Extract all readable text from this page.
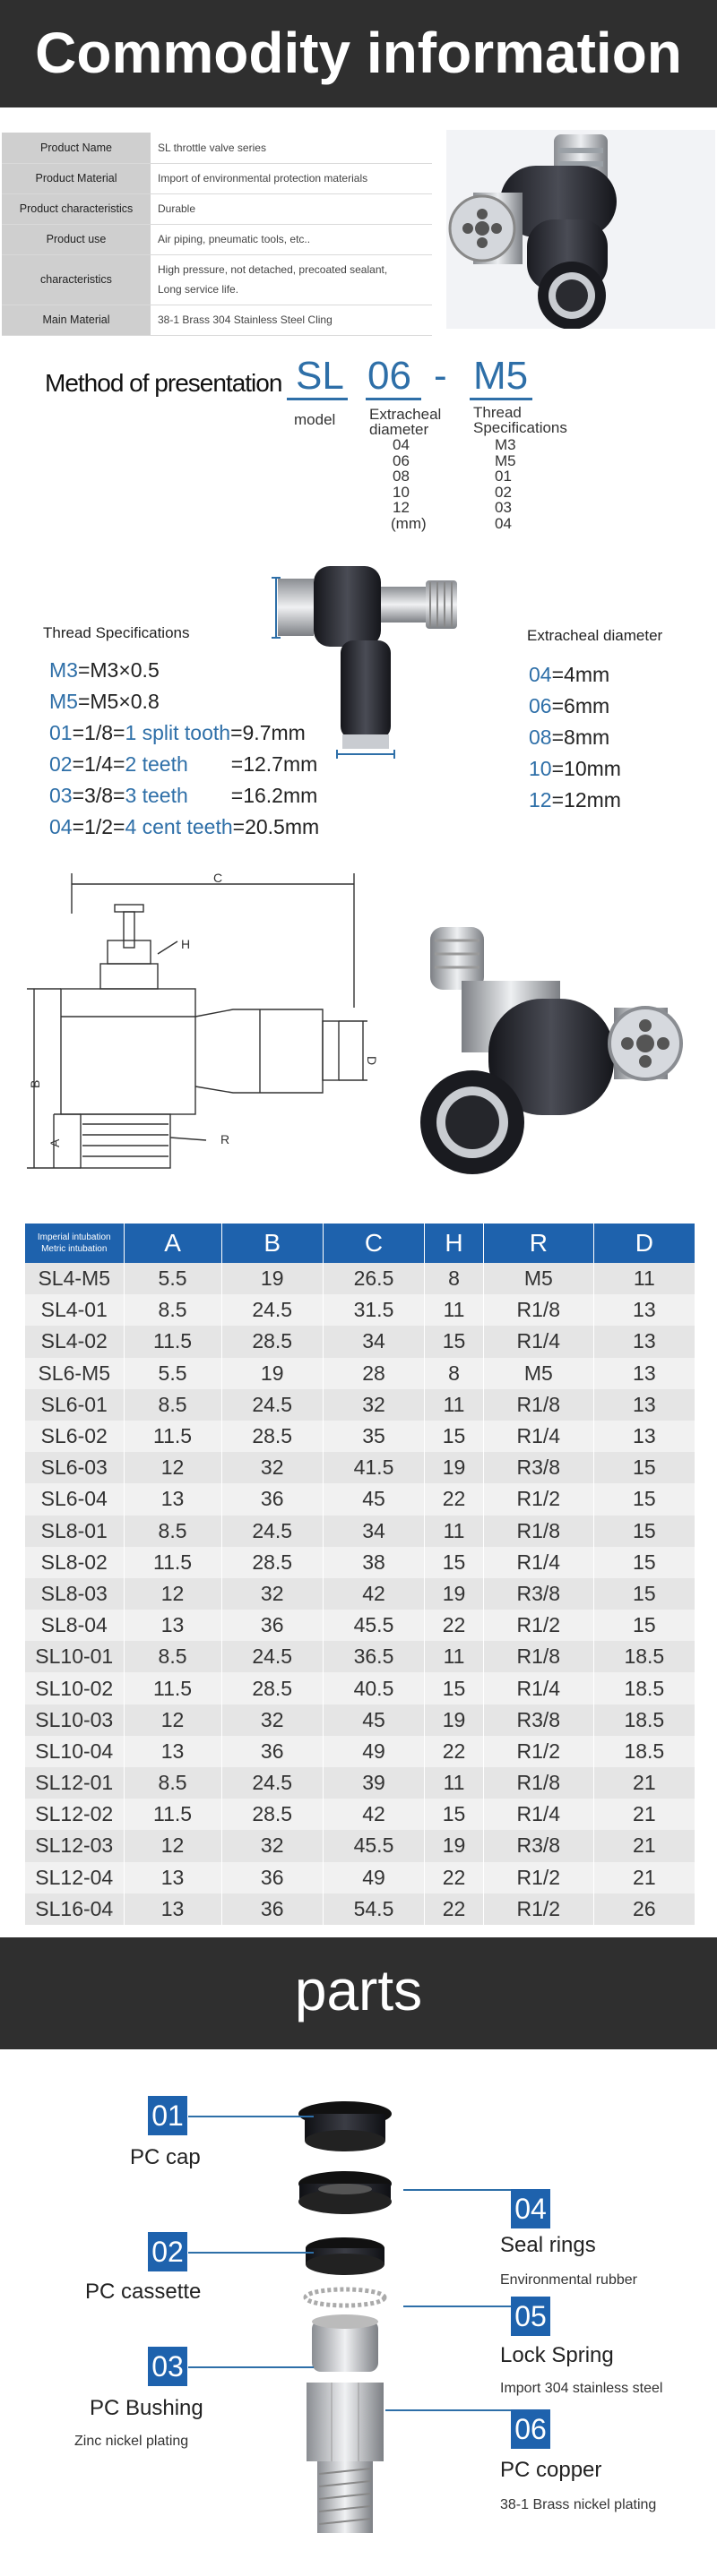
Commodity information
Product Name	SL throttle valve series
Product Material	Import of environmental protection materials
Product characteristics	Durable
Product use	Air piping, pneumatic tools, etc..
characteristics	High pressure, not detached, precoated sealant,
Long service life.

Main Material	38-1 Brass 304 Stainless Steel Cling
Method of presentation SL 06 - M5
model Extracheal diameter
04
06
08
10
12
(mm)
Thread Specifications
M3
M5
01
02
03
04
Thread Specifications
M3=M3×0.5
M5=M5×0.8
01=1/8=1 split tooth=9.7mm
02=1/4=2 teeth =12.7mm
03=3/8=3 teeth =16.2mm
04=1/2=4 cent teeth=20.5mm
Extracheal diameter
04=4mm
06=6mm
08=8mm
10=10mm
12=12mm
C
H
B
D
A	R
Imperial intubation
Metric intubation	A	B	C	H	R	D
SL4-M5	5.5	19	26.5	8	M5	11
SL4-01	8.5	24.5	31.5	11	R1/8	13
SL4-02	11.5	28.5	34	15	R1/4	13
SL6-M5	5.5	19	28	8	M5	13
SL6-01	8.5	24.5	32	11	R1/8	13
SL6-02	11.5	28.5	35	15	R1/4	13
SL6-03	12	32	41.5	19	R3/8	15
SL6-04	13	36	45	22	R1/2	15
SL8-01	8.5	24.5	34	11	R1/8	15
SL8-02	11.5	28.5	38	15	R1/4	15
SL8-03	12	32	42	19	R3/8	15
SL8-04	13	36	45.5	22	R1/2	15
SL10-01	8.5	24.5	36.5	11	R1/8	18.5
SL10-02	11.5	28.5	40.5	15	R1/4	18.5
SL10-03	12	32	45	19	R3/8	18.5
SL10-04	13	36	49	22	R1/2	18.5
SL12-01	8.5	24.5	39	11	R1/8	21
SL12-02	11.5	28.5	42	15	R1/4	21
SL12-03	12	32	45.5	19	R3/8	21
SL12-04	13	36	49	22	R1/2	21
SL16-04	13	36	54.5	22	R1/2	26
parts
01
PC cap
02
PC cassette
03
PC Bushing
Zinc nickel plating
04
Seal rings
Environmental rubber
05
Lock Spring
Import 304 stainless steel
06
PC copper
38-1 Brass nickel plating
